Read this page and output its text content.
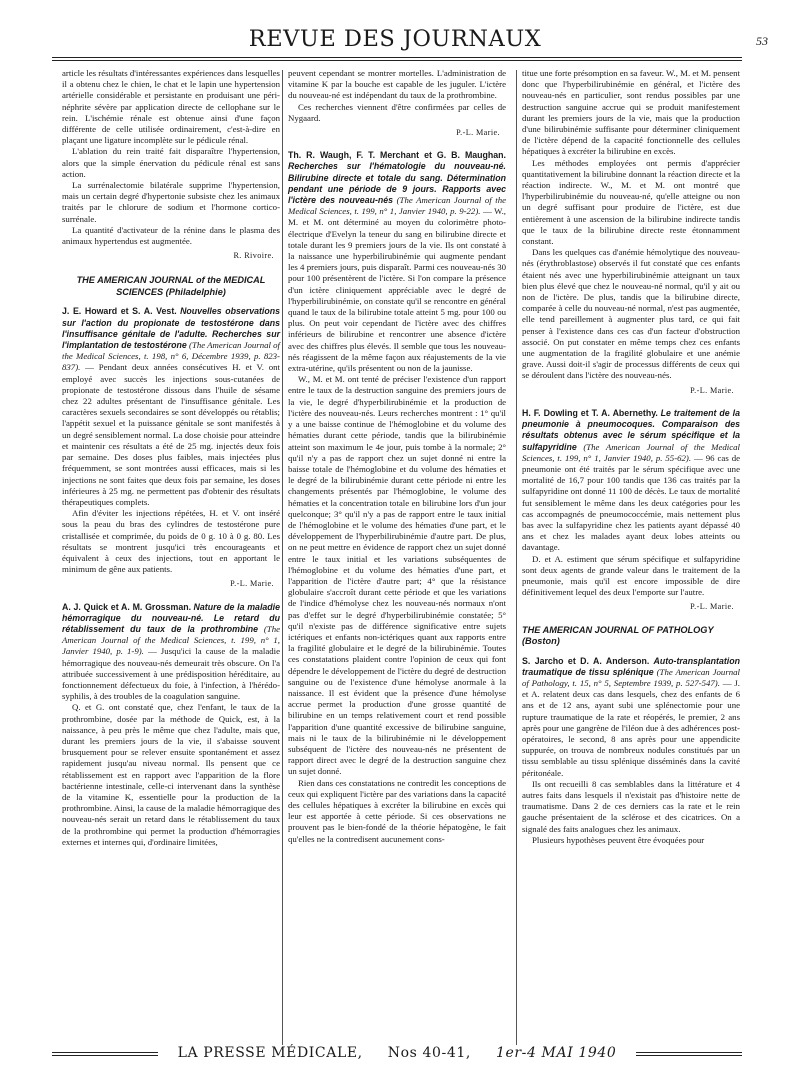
REVUE DES JOURNAUX	53

article les résultats d'intéressantes expériences dans lesquelles il a obtenu chez le chien, le chat et le lapin une hypertension artérielle considérable et persistante en produisant une péri-néphrite sévère par application directe de cellophane sur le rein. L'ischémie rénale est obtenue ainsi d'une façon différente de celle utilisée ordinairement, c'est-à-dire en plaçant une ligature incomplète sur le pédicule rénal.

L'ablation du rein traité fait disparaître l'hypertension, alors que la simple énervation du pédicule rénal est sans action.

La surrénalectomie bilatérale supprime l'hypertension, mais un certain degré d'hypertonie subsiste chez les animaux traités par le chlorure de sodium et l'hormone cortico-surrénale.

La quantité d'activateur de la rénine dans le plasma des animaux hypertendus est augmentée.

R. Rivoire.
THE AMERICAN JOURNAL of the MEDICAL SCIENCES (Philadelphie)

J. E. Howard et S. A. Vest. Nouvelles observations sur l'action du propionate de testostérone dans l'insuffisance génitale de l'adulte. Recherches sur l'implantation de testostérone (The American Journal of the Medical Sciences, t. 198, n° 6, Décembre 1939, p. 823-837). — Pendant deux années consécutives H. et V. ont employé avec succès les injections sous-cutanées de propionate de testostérone dissous dans l'huile de sésame chez 22 adultes présentant de l'insuffisance génitale. Les caractères sexuels secondaires se sont développés ou rétablis; l'appétit sexuel et la puissance génitale se sont manifestés à un degré sensiblement normal. La dose choisie pour atteindre et maintenir ces résultats a été de 25 mg. injectés deux fois par semaine. Des doses plus faibles, mais injectées plus fréquemment, se sont montrées aussi efficaces, mais si les injections ne sont faites que deux fois par semaine, les doses inférieures à 25 mg. ne permettent pas d'obtenir des résultats thérapeutiques complets.

Afin d'éviter les injections répétées, H. et V. ont inséré sous la peau du bras des cylindres de testostérone pure cristallisée et comprimée, du poids de 0 g. 10 à 0 g. 80. Les résultats se montrent jusqu'ici très encourageants et équivalent à ceux des injections, tout en apportant le minimum de gêne aux patients.

P.-L. Marie.

A. J. Quick et A. M. Grossman. Nature de la maladie hémorragique du nouveau-né. Le retard du rétablissement du taux de la prothrombine (The American Journal of the Medical Sciences, t. 199, n° 1, Janvier 1940, p. 1-9). — Jusqu'ici la cause de la maladie hémorragique des nouveau-nés demeurait très obscure. On l'a attribuée successivement à une prédisposition héréditaire, au fonctionnement défectueux du foie, à l'infection, à l'hérédo-syphilis, à des troubles de la coagulation sanguine.

Q. et G. ont constaté que, chez l'enfant, le taux de la prothrombine, dosée par la méthode de Quick, est, à la naissance, à peu près le même que chez l'adulte, mais que, durant les premiers jours de la vie, il s'abaisse souvent brusquement pour se relever ensuite spontanément et assez rapidement jusqu'au niveau normal. Ils pensent que ce rétablissement est en rapport avec l'apparition de la flore bactérienne intestinale, celle-ci intervenant dans la synthèse de la vitamine K, essentielle pour la production de la prothrombine. Ainsi, la cause de la maladie hémorragique des nouveau-nés serait un retard dans le rétablissement du taux de la prothrombine qui permet la production d'hémorragies externes et internes qui, d'ordinaire limitées,

peuvent cependant se montrer mortelles. L'administration de vitamine K par la bouche est capable de les juguler. L'ictère du nouveau-né est indépendant du taux de la prothrombine.

Ces recherches viennent d'être confirmées par celles de Nygaard.

P.-L. Marie.

Th. R. Waugh, F. T. Merchant et G. B. Maughan. Recherches sur l'hématologie du nouveau-né. Bilirubine directe et totale du sang. Détermination pendant une période de 9 jours. Rapports avec l'ictère des nouveau-nés (The American Journal of the Medical Sciences, t. 199, n° 1, Janvier 1940, p. 9-22). — W., M. et M. ont déterminé au moyen du colorimètre photo-électrique d'Evelyn la teneur du sang en bilirubine directe et totale durant les 9 premiers jours de la vie. Ils ont constaté à la naissance une hyperbilirubinémie qui augmente pendant les 4 premiers jours, puis disparaît. Parmi ces nouveau-nés 30 pour 100 présentèrent de l'ictère. Si l'on compare la présence d'un ictère cliniquement appréciable avec le degré de l'hyperbilirubinémie, on constate qu'il se rencontre en général quand le taux de la bilirubine totale atteint 5 mg. pour 100 ou plus. On peut voir cependant de l'ictère avec des chiffres inférieurs de bilirubine et rencontrer une absence d'ictère avec des chiffres plus élevés. Il semble que tous les nouveau-nés réagissent de la même façon aux réajustements de la vie extra-utérine, qu'ils présentent ou non de la jaunisse.

W., M. et M. ont tenté de préciser l'existence d'un rapport entre le taux de la destruction sanguine des premiers jours de la vie, le degré d'hyperbilirubinémie et la production de l'ictère des nouveau-nés. Leurs recherches montrent : 1° qu'il y a une baisse continue de l'hémoglobine et du volume des hématies durant cette période, tandis que la bilirubinémie atteint son maximum le 4e jour, puis tombe à la normale; 2° qu'il n'y a pas de rapport chez un sujet donné ni entre la baisse totale de l'hémoglobine et du volume des hématies et le degré de la bilirubinémie durant cette période ni entre les changements présentés par l'hémoglobine, le volume des hématies et la concentration totale en bilirubine lors d'un jour quelconque; 3° qu'il n'y a pas de rapport entre le taux initial de l'hémoglobine et le volume des hématies d'une part, et le développement de l'hyperbilirubinémie d'autre part. De plus, on ne peut mettre en évidence de rapport chez un sujet donné entre le taux initial et les variations subséquentes de l'hémoglobine et du volume des hématies d'une part, et l'apparition de l'ictère d'autre part; 4° que la résistance globulaire s'accroît durant cette période et que les variations de l'indice d'hémolyse chez les nouveau-nés normaux n'ont pas d'effet sur le degré d'hyperbilirubinémie constatée; 5° qu'il n'existe pas de différence significative entre sujets ictériques et enfants non-ictériques quant aux rapports entre la fragilité globulaire et le degré de la bilirubinémie. Toutes ces constatations plaident contre l'opinion de ceux qui font dépendre le développement de l'ictère du degré de destruction sanguine ou de l'existence d'une hémolyse anormale à la naissance. Il est évident que la présence d'une hémolyse accrue permet la production d'une grosse quantité de bilirubine en un temps relativement court et rend possible l'apparition d'une quantité excessive de bilirubine sanguine, mais ni le taux de la bilirubinémie ni le développement subséquent de l'ictère des nouveau-nés ne présentent de rapport direct avec le degré de la destruction sanguine chez un sujet donné.

Rien dans ces constatations ne contredit les conceptions de ceux qui expliquent l'ictère par des variations dans la capacité des cellules hépatiques à excréter la bilirubine en excès qui leur est apportée à cette période. Si ces observations ne prouvent pas le bien-fondé de la théorie hépatogène, le fait qu'elles ne la contredisent aucunement cons-

titue une forte présomption en sa faveur. W., M. et M. pensent donc que l'hyperbilirubinémie en général, et l'ictère des nouveau-nés en particulier, sont rendus possibles par une destruction sanguine accrue qui se produit manifestement durant les premiers jours de la vie, mais que la production d'une bilirubinémie suffisante pour déterminer cliniquement de l'ictère dépend de la capacité fonctionnelle des cellules hépatiques à excréter la bilirubine en excès.

Les méthodes employées ont permis d'apprécier quantitativement la bilirubine donnant la réaction directe et la réaction indirecte. W., M. et M. ont montré que l'hyperbilirubinémie du nouveau-né, qu'elle atteigne ou non un degré suffisant pour produire de l'ictère, est due entièrement à une ascension de la bilirubine indirecte tandis que le taux de la bilirubine directe reste étonnamment constant.

Dans les quelques cas d'anémie hémolytique des nouveau-nés (érythroblastose) observés il fut constaté que ces enfants étaient nés avec une hyperbilirubinémie atteignant un taux bien plus élevé que chez le nouveau-né normal, qu'il y ait ou non de l'ictère. De plus, tandis que la bilirubine directe, comparée à celle du nouveau-né normal, n'est pas augmentée, elle tend pareillement à augmenter plus tard, ce qui fait penser à l'existence dans ces cas d'un facteur d'obstruction associé. On put constater en même temps chez ces enfants une augmentation de la fragilité globulaire et une anémie grave. Aussi doit-il s'agir de processus différents de ceux qui se déroulent dans l'ictère des nouveau-nés.

P.-L. Marie.

H. F. Dowling et T. A. Abernethy. Le traitement de la pneumonie à pneumocoques. Comparaison des résultats obtenus avec le sérum spécifique et la sulfapyridine (The American Journal of the Medical Sciences, t. 199, n° 1, Janvier 1940, p. 55-62). — 96 cas de pneumonie ont été traités par le sérum spécifique avec une mortalité de 16,7 pour 100 tandis que 136 cas traités par la sulfapyridine ont donné 11 100 de décès. Le taux de mortalité fut sensiblement le même dans les deux catégories pour les cas accompagnés de pneumococcémie, mais nettement plus bas avec la sulfapyridine chez les patients ayant dépassé 40 ans et chez les malades ayant deux lobes atteints ou davantage.

D. et A. estiment que sérum spécifique et sulfapyridine sont deux agents de grande valeur dans le traitement de la pneumonie, mais qu'il est encore impossible de dire définitivement lequel des deux l'emporte sur l'autre.

P.-L. Marie.
THE AMERICAN JOURNAL OF PATHOLOGY (Boston)

S. Jarcho et D. A. Anderson. Auto-transplantation traumatique de tissu splénique (The American Journal of Pathology, t. 15, n° 5, Septembre 1939, p. 527-547). — J. et A. relatent deux cas dans lesquels, chez des enfants de 6 ans et de 12 ans, ayant subi une splénectomie pour une rupture traumatique de la rate et réopérés, le premier, 2 ans après pour une gangrène de l'iléon due à des adhérences post-opératoires, le second, 8 ans après pour une appendicite suppurée, on trouva de nombreux nodules constitués par un tissu semblable au tissu splénique disséminés dans la cavité péritonéale.

Ils ont recueilli 8 cas semblables dans la littérature et 4 autres faits dans lesquels il n'existait pas d'histoire nette de traumatisme. Dans 2 de ces derniers cas la rate et le rein gauche présentaient de la sclérose et des cicatrices. On a signalé des faits analogues chez les animaux.

Plusieurs hypothèses peuvent être évoquées pour

LA PRESSE MÉDICALE, Nos 40-41, 1er-4 MAI 1940
